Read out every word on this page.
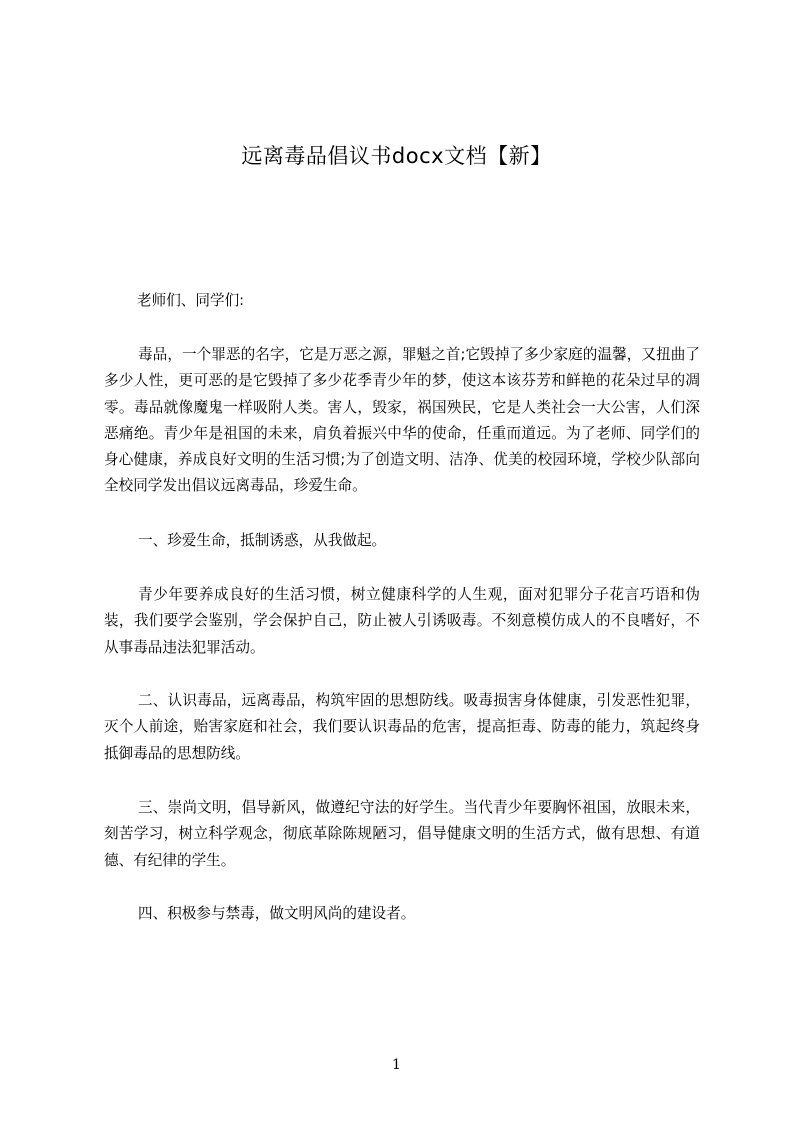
远离毒品倡议书docx文档【新】
老师们、同学们:
毒品，一个罪恶的名字，它是万恶之源，罪魁之首;它毁掉了多少家庭的温馨，又扭曲了多少人性，更可恶的是它毁掉了多少花季青少年的梦，使这本该芬芳和鲜艳的花朵过早的凋零。毒品就像魔鬼一样吸附人类。害人，毁家，祸国殃民，它是人类社会一大公害，人们深恶痛绝。青少年是祖国的未来，肩负着振兴中华的使命，任重而道远。为了老师、同学们的身心健康，养成良好文明的生活习惯;为了创造文明、洁净、优美的校园环境，学校少队部向全校同学发出倡议远离毒品，珍爱生命。
一、珍爱生命，抵制诱惑，从我做起。
青少年要养成良好的生活习惯，树立健康科学的人生观，面对犯罪分子花言巧语和伪装，我们要学会鉴别，学会保护自己，防止被人引诱吸毒。不刻意模仿成人的不良嗜好，不从事毒品违法犯罪活动。
二、认识毒品，远离毒品，构筑牢固的思想防线。吸毒损害身体健康，引发恶性犯罪，灭个人前途，贻害家庭和社会，我们要认识毒品的危害，提高拒毒、防毒的能力，筑起终身抵御毒品的思想防线。
三、崇尚文明，倡导新风，做遵纪守法的好学生。当代青少年要胸怀祖国，放眼未来，刻苦学习，树立科学观念，彻底革除陈规陋习，倡导健康文明的生活方式，做有思想、有道德、有纪律的学生。
四、积极参与禁毒，做文明风尚的建设者。
1
